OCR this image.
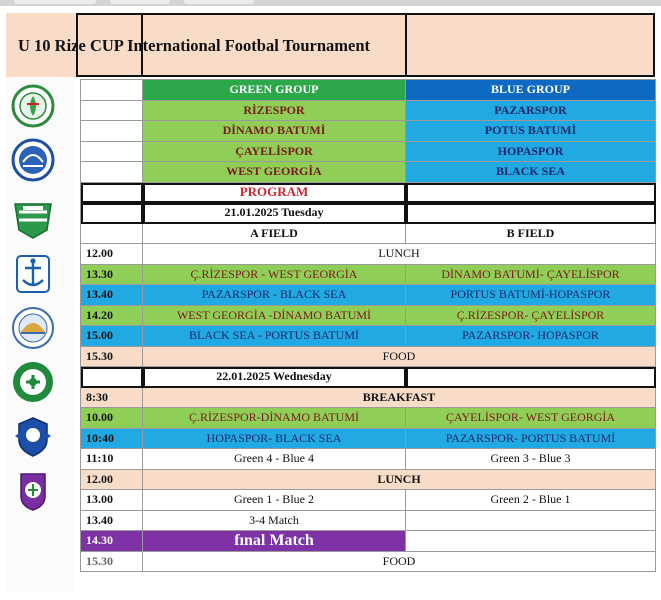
U 10 Rize CUP International Footbal Tournament
GREEN GROUP	BLUE GROUP
RİZESPOR	PAZARSPOR
DİNAMO BATUMİ	POTUS BATUMİ
ÇAYELİSPOR	HOPASPOR
WEST GEORGİA	BLACK SEA
PROGRAM
21.01.2025 Tuesday
A FIELD	B FIELD
12.00	LUNCH
13.30	Ç.RİZESPOR - WEST GEORGİA	DİNAMO BATUMİ- ÇAYELİSPOR
13.40	PAZARSPOR - BLACK SEA	PORTUS BATUMİ-HOPASPOR
14.20	WEST GEORGİA -DİNAMO BATUMİ	Ç.RİZESPOR- ÇAYELİSPOR
15.00	BLACK SEA - PORTUS BATUMİ	PAZARSPOR- HOPASPOR
15.30	FOOD
22.01.2025 Wednesday
8:30	BREAKFAST
10.00	Ç.RİZESPOR-DİNAMO BATUMİ	ÇAYELİSPOR- WEST GEORGİA
10:40	HOPASPOR- BLACK SEA	PAZARSPOR- PORTUS BATUMİ
11:10	Green 4 - Blue 4	Green 3 - Blue 3
12.00	LUNCH
13.00	Green 1 - Blue 2	Green 2 - Blue 1
13.40	3-4 Match
14.30	fınal Match
15.30	FOOD
